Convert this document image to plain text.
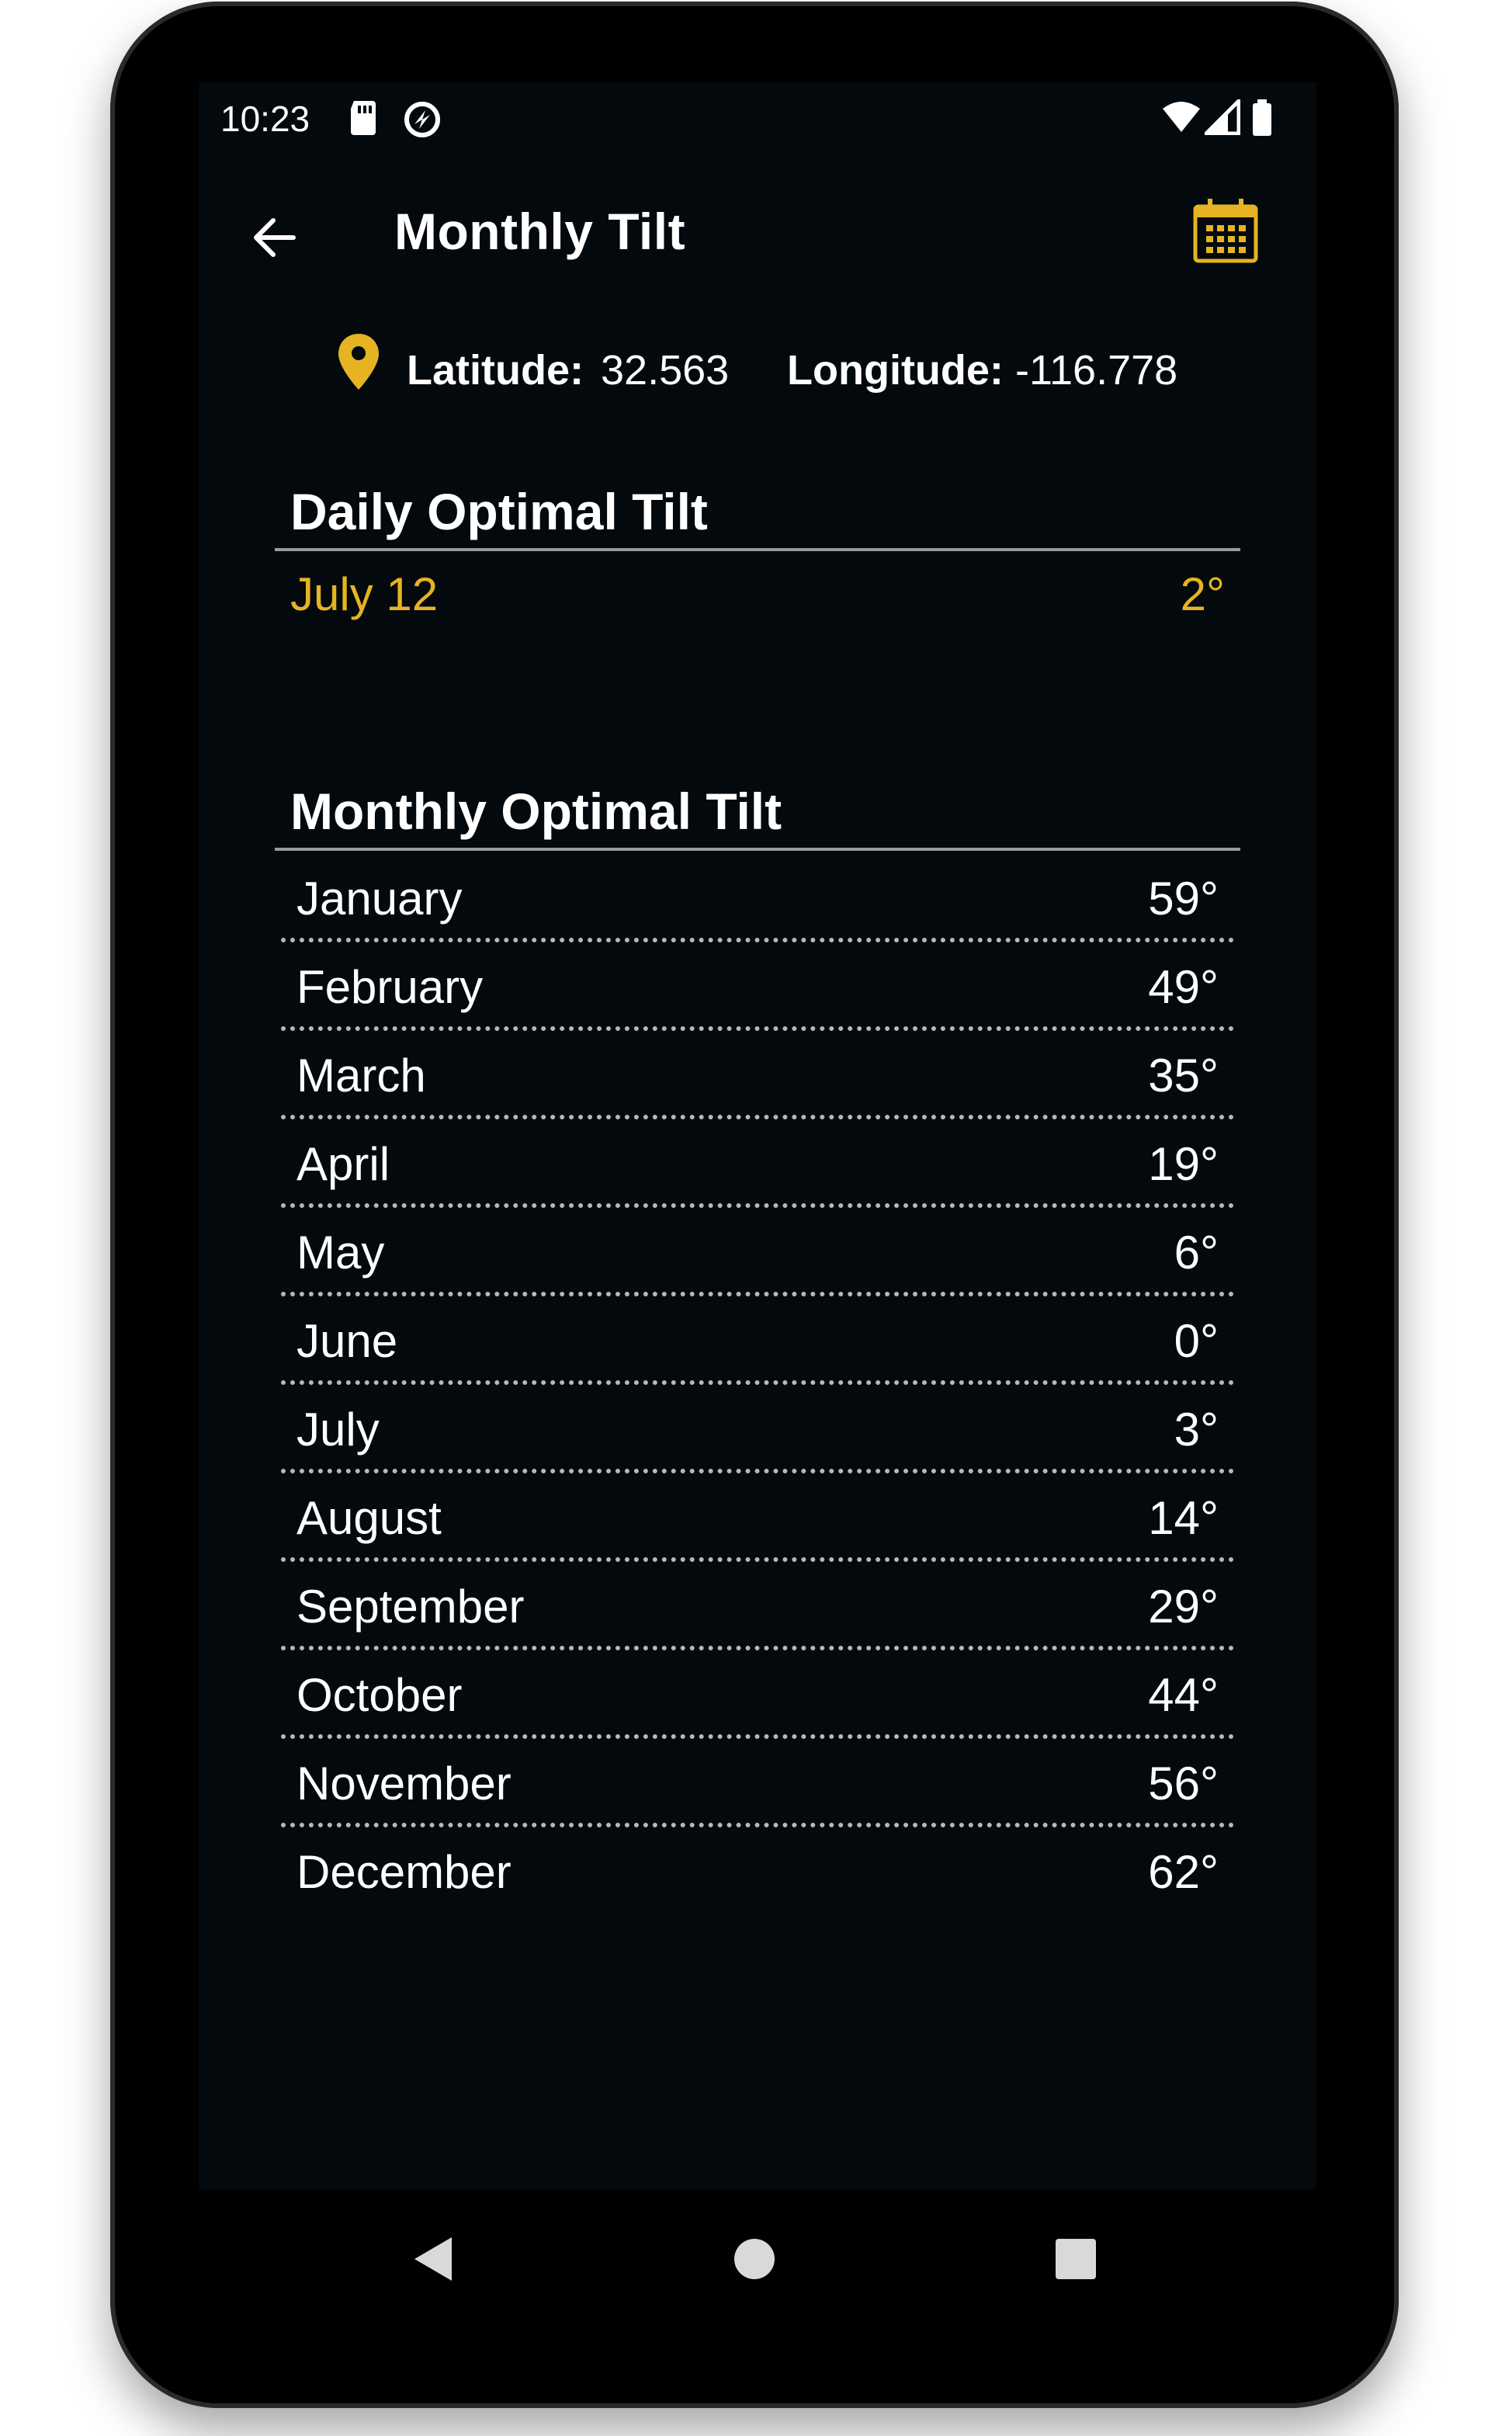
10:23
Monthly Tilt
Latitude: 32.563 Longitude: -116.778
Daily Optimal Tilt
July 12	2°
Monthly Optimal Tilt
January	59°
February	49°
March	35°
April	19°
May	6°
June	0°
July	3°
August	14°
September	29°
October	44°
November	56°
December	62°
